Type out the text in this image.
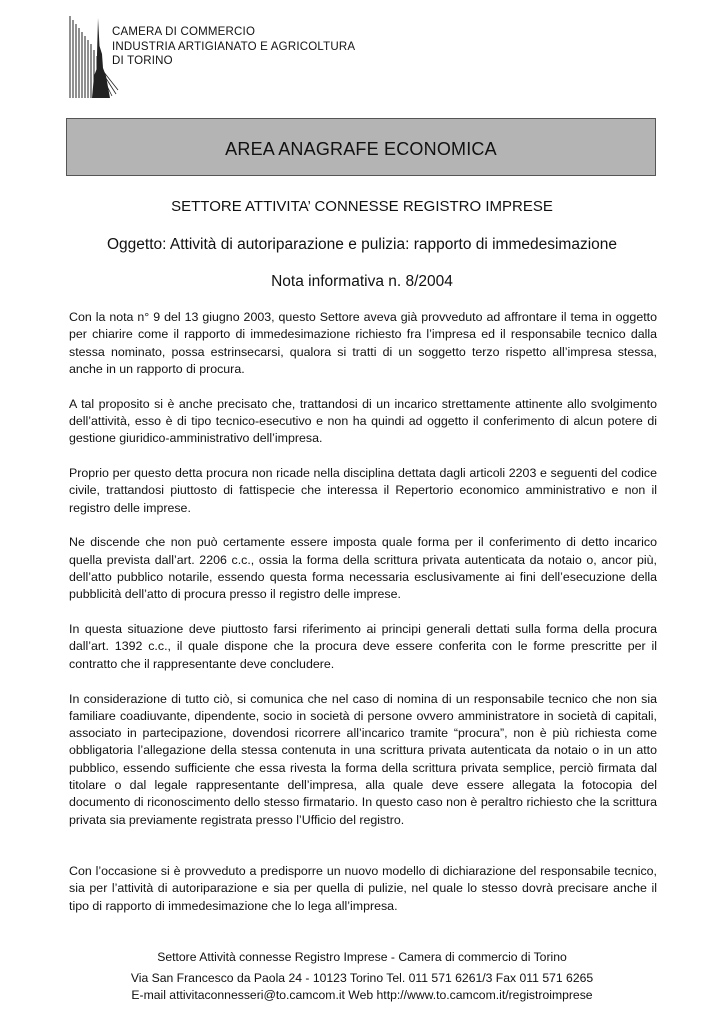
CAMERA DI COMMERCIO
INDUSTRIA ARTIGIANATO E AGRICOLTURA
DI TORINO
AREA ANAGRAFE ECONOMICA
SETTORE ATTIVITA’ CONNESSE REGISTRO IMPRESE
Oggetto: Attività di autoriparazione e pulizia: rapporto di immedesimazione
Nota informativa n. 8/2004

Con la nota n° 9 del 13 giugno 2003, questo Settore aveva già provveduto ad affrontare il tema in oggetto per chiarire come il rapporto di immedesimazione richiesto fra l’impresa ed il responsabile tecnico dalla stessa nominato, possa estrinsecarsi, qualora si tratti di un soggetto terzo rispetto all’impresa stessa, anche in un rapporto di procura.

A tal proposito si è anche precisato che, trattandosi di un incarico strettamente attinente allo svolgimento dell’attività, esso è di tipo tecnico-esecutivo e non ha quindi ad oggetto il conferimento di alcun potere di gestione giuridico-amministrativo dell’impresa.

Proprio per questo detta procura non ricade nella disciplina dettata dagli articoli 2203 e seguenti del codice civile, trattandosi piuttosto di fattispecie che interessa il Repertorio economico amministrativo e non il registro delle imprese.

Ne discende che non può certamente essere imposta quale forma per il conferimento di detto incarico quella prevista dall’art. 2206 c.c., ossia la forma della scrittura privata autenticata da notaio o, ancor più, dell’atto pubblico notarile, essendo questa forma necessaria esclusivamente ai fini dell’esecuzione della pubblicità dell’atto di procura presso il registro delle imprese.

In questa situazione deve piuttosto farsi riferimento ai principi generali dettati sulla forma della procura dall’art. 1392 c.c., il quale dispone che la procura deve essere conferita con le forme prescritte per il contratto che il rappresentante deve concludere.

In considerazione di tutto ciò, si comunica che nel caso di nomina di un responsabile tecnico che non sia familiare coadiuvante, dipendente, socio in società di persone ovvero amministratore in società di capitali, associato in partecipazione, dovendosi ricorrere all’incarico tramite “procura”, non è più richiesta come obbligatoria l’allegazione della stessa contenuta in una scrittura privata autenticata da notaio o in un atto pubblico, essendo sufficiente che essa rivesta la forma della scrittura privata semplice, perciò firmata dal titolare o dal legale rappresentante dell’impresa, alla quale deve essere allegata la fotocopia del documento di riconoscimento dello stesso firmatario. In questo caso non è peraltro richiesto che la scrittura privata sia previamente registrata presso l’Ufficio del registro.

Con l’occasione si è provveduto a predisporre un nuovo modello di dichiarazione del responsabile tecnico, sia per l’attività di autoriparazione e sia per quella di pulizie, nel quale lo stesso dovrà precisare anche il tipo di rapporto di immedesimazione che lo lega all’impresa.

Settore Attività connesse Registro Imprese - Camera di commercio di Torino
Via San Francesco da Paola 24 - 10123 Torino Tel. 011 571 6261/3 Fax 011 571 6265
E-mail attivitaconnesseri@to.camcom.it Web http://www.to.camcom.it/registroimprese
